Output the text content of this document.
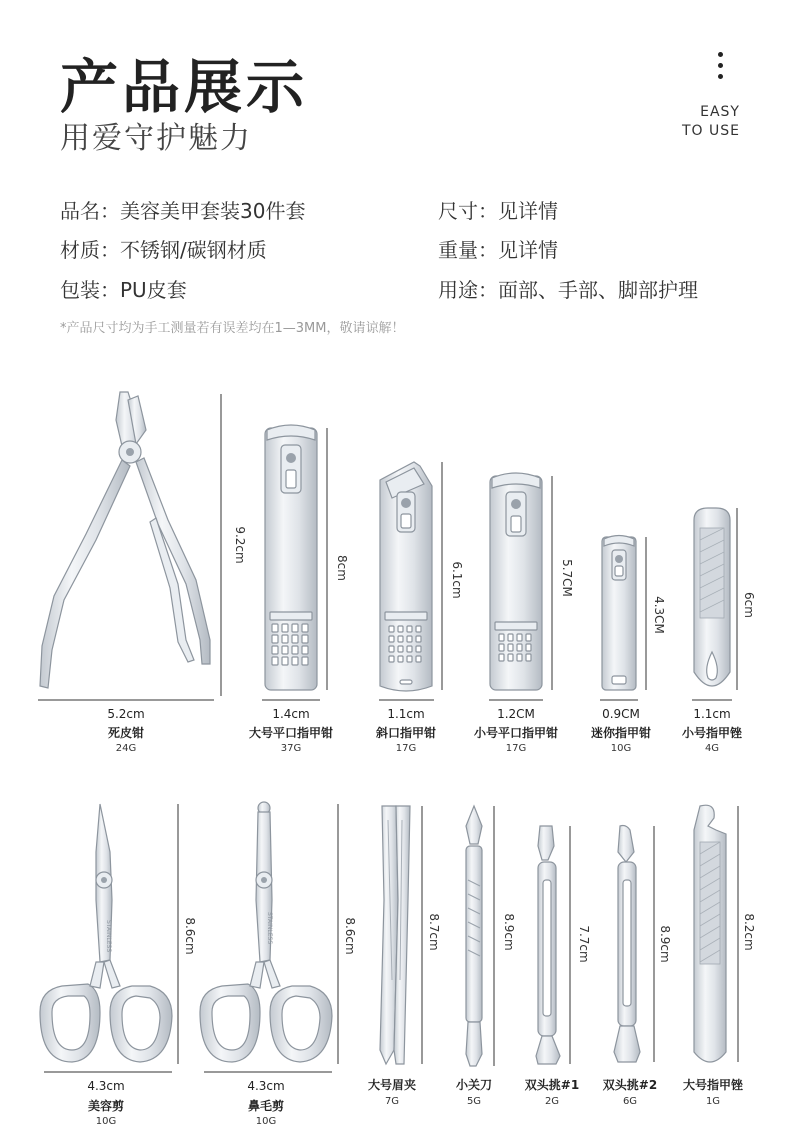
产品展示
用爱守护魅力
EASY
TO USE
品名：美容美甲套装30件套	尺寸：见详情
材质：不锈钢/碳钢材质	重量：见详情
包装：PU皮套	用途：面部、手部、脚部护理
*产品尺寸均为手工测量若有误差均在1—3MM，敬请谅解！
9.2cm
8cm	6.1cm	5.7CM
4.3CM	6cm
5.2cm	1.4cm	1.1cm	1.2CM	0.9CM	1.1cm
死皮钳	大号平口指甲钳	斜口指甲钳	小号平口指甲钳	迷你指甲钳	小号指甲锉
24G	37G	17G	17G	10G	4G
STAINLESS	STAINLESS
8.6cm	8.6cm	8.7cm	8.9cm	7.7cm	8.9cm	8.2cm
4.3cm	4.3cm
美容剪	鼻毛剪
大号眉夹	小关刀	双头挑#1 双头挑#2 大号指甲锉
10G	10G
7G	5G	2G	6G	1G
